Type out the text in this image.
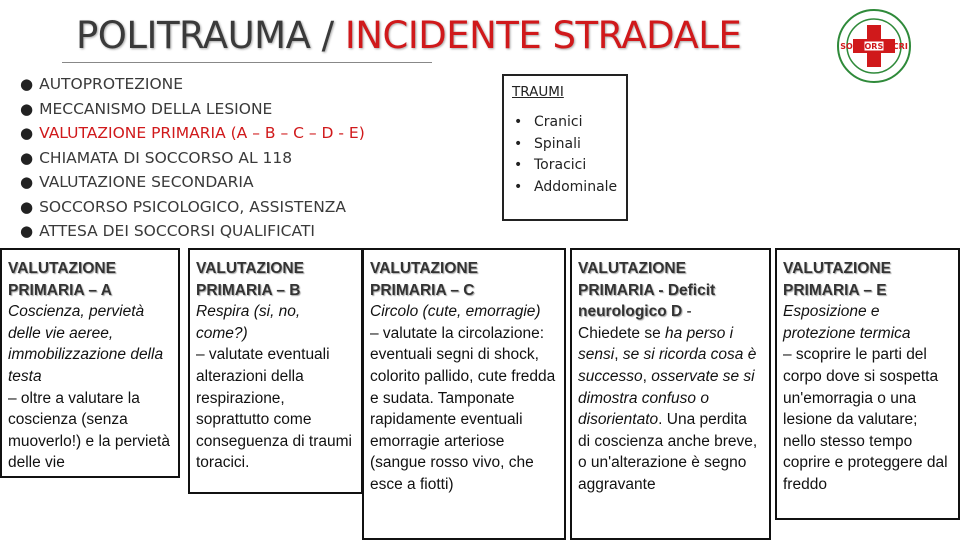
POLITRAUMA / INCIDENTE STRADALE	SOCCORSO CRI
● AUTOPROTEZIONE
● MECCANISMO DELLA LESIONE
● VALUTAZIONE PRIMARIA (A – B – C – D - E)
● CHIAMATA DI SOCCORSO AL 118
● VALUTAZIONE SECONDARIA
● SOCCORSO PSICOLOGICO, ASSISTENZA
● ATTESA DEI SOCCORSI QUALIFICATI
TRAUMI
• Cranici
• Spinali
• Toracici
• Addominale
VALUTAZIONE
PRIMARIA – A
Coscienza, pervietà delle vie aeree, immobilizzazione della testa
– oltre a valutare la coscienza (senza muoverlo!) e la pervietà delle vie
VALUTAZIONE
PRIMARIA – B
Respira (si, no, come?)
– valutate eventuali alterazioni della respirazione, soprattutto come conseguenza di traumi toracici.
VALUTAZIONE
PRIMARIA – C
Circolo (cute, emorragie)
– valutate la circolazione: eventuali segni di shock, colorito pallido, cute fredda e sudata. Tamponate rapidamente eventuali emorragie arteriose (sangue rosso vivo, che esce a fiotti)
VALUTAZIONE
PRIMARIA - Deficit
neurologico D -
Chiedete se ha perso i sensi, se si ricorda cosa è successo, osservate se si dimostra confuso o disorientato. Una perdita di coscienza anche breve, o un'alterazione è segno aggravante
VALUTAZIONE
PRIMARIA – E
Esposizione e protezione termica
– scoprire le parti del corpo dove si sospetta un'emorragia o una lesione da valutare; nello stesso tempo coprire e proteggere dal freddo
